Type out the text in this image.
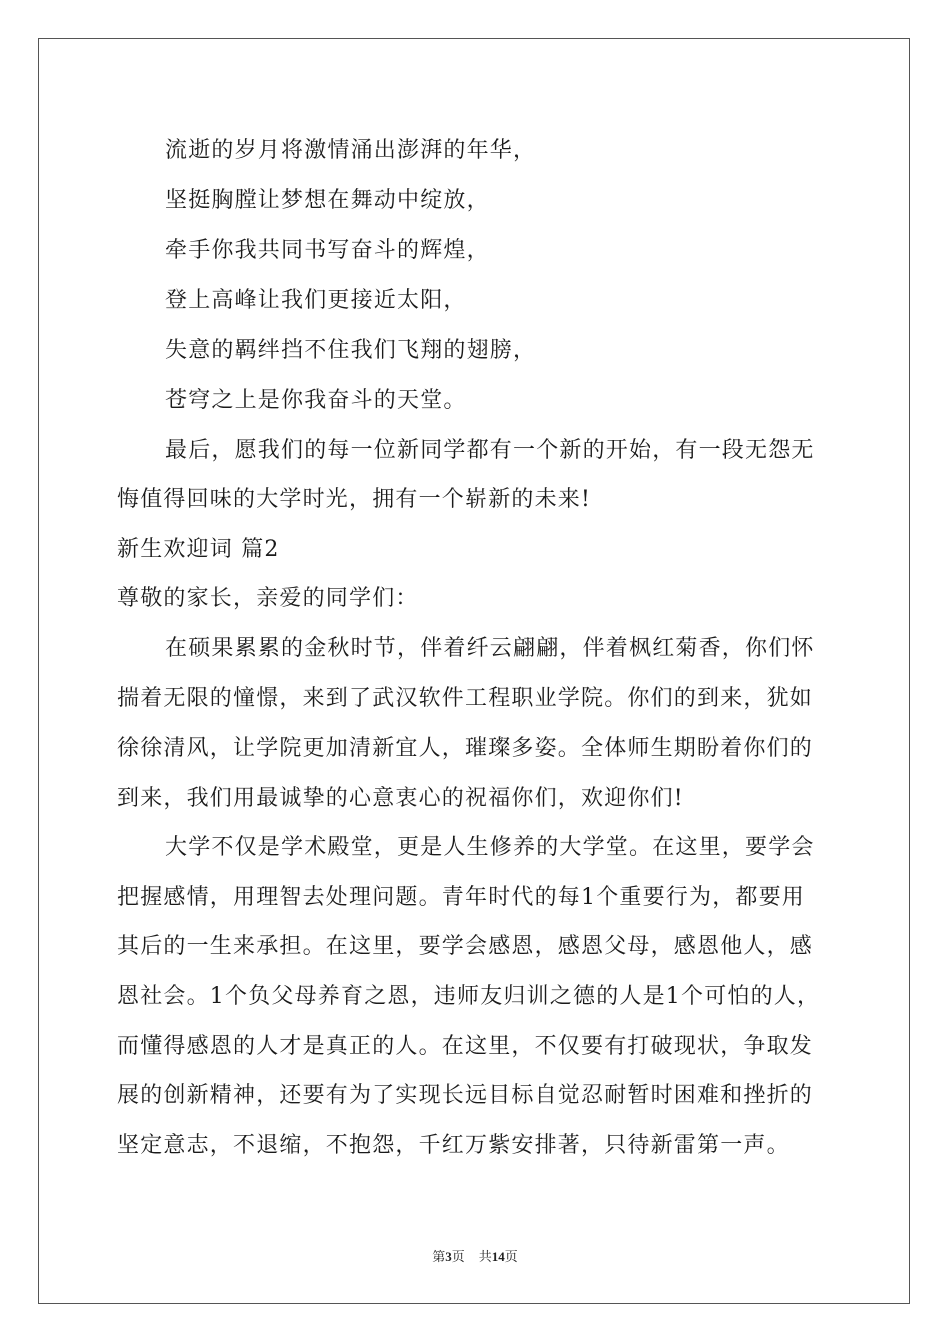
流逝的岁月将激情涌出澎湃的年华，
坚挺胸膛让梦想在舞动中绽放，
牵手你我共同书写奋斗的辉煌，
登上高峰让我们更接近太阳，
失意的羁绊挡不住我们飞翔的翅膀，
苍穹之上是你我奋斗的天堂。
最后，愿我们的每一位新同学都有一个新的开始，有一段无怨无
悔值得回味的大学时光，拥有一个崭新的未来!
新生欢迎词 篇2
尊敬的家长，亲爱的同学们：
在硕果累累的金秋时节，伴着纤云翩翩，伴着枫红菊香，你们怀
揣着无限的憧憬，来到了武汉软件工程职业学院。你们的到来，犹如
徐徐清风，让学院更加清新宜人，璀璨多姿。全体师生期盼着你们的
到来，我们用最诚挚的心意衷心的祝福你们，欢迎你们!
大学不仅是学术殿堂，更是人生修养的大学堂。在这里，要学会
把握感情，用理智去处理问题。青年时代的每1个重要行为，都要用
其后的一生来承担。在这里，要学会感恩，感恩父母，感恩他人，感
恩社会。1个负父母养育之恩，违师友归训之德的人是1个可怕的人，
而懂得感恩的人才是真正的人。在这里，不仅要有打破现状，争取发
展的创新精神，还要有为了实现长远目标自觉忍耐暂时困难和挫折的
坚定意志，不退缩，不抱怨，千红万紫安排著，只待新雷第一声。
第3页 共14页
